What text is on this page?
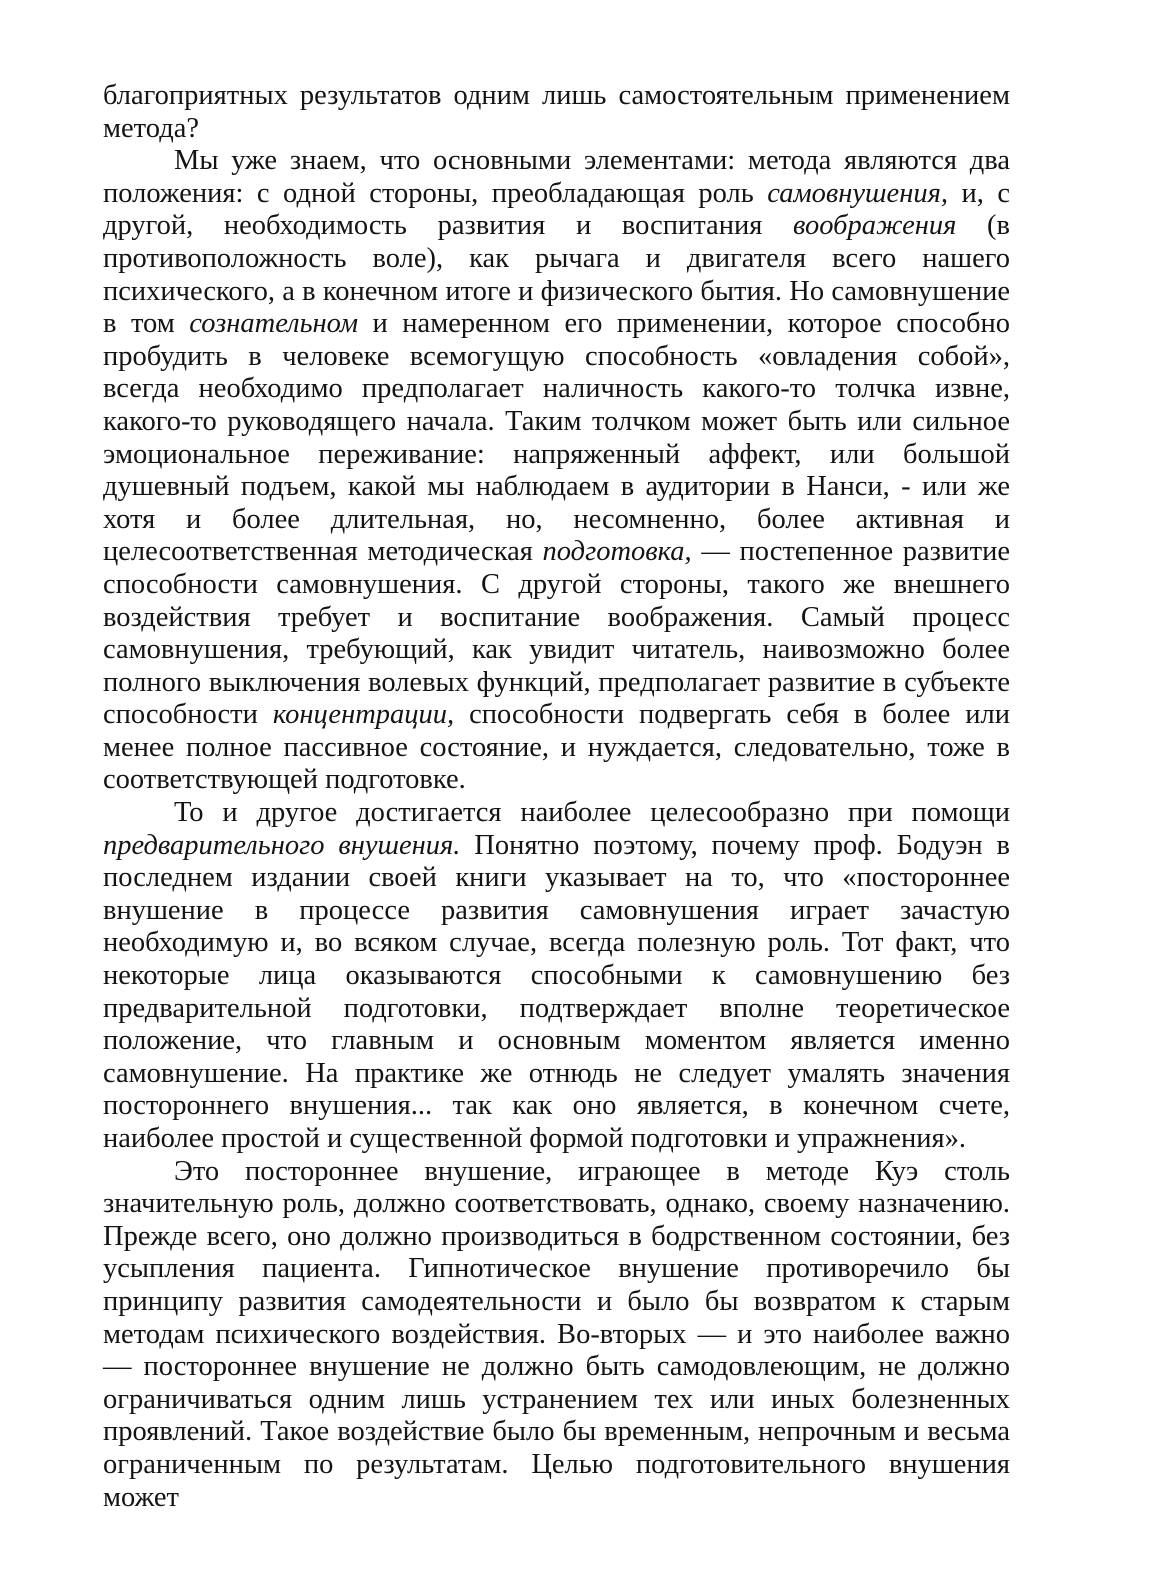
благоприятных результатов одним лишь самостоятельным применением метода?

Мы уже знаем, что основными элементами: метода являются два положения: с одной стороны, преобладающая роль самовнушения, и, с другой, необходимость развития и воспитания воображения (в противоположность воле), как рычага и двигателя всего нашего психического, а в конечном итоге и физического бытия. Но самовнушение в том сознательном и намеренном его применении, которое способно пробудить в человеке всемогущую способность «овладения собой», всегда необходимо предполагает наличность какого-то толчка извне, какого-то руководящего начала. Таким толчком может быть или сильное эмоциональное переживание: напряженный аффект, или большой душевный подъем, какой мы наблюдаем в аудитории в Нанси, - или же хотя и более длительная, но, несомненно, более активная и целесоответственная методическая подготовка, — постепенное развитие способности самовнушения. С другой стороны, такого же внешнего воздействия требует и воспитание воображения. Самый процесс самовнушения, требующий, как увидит читатель, наивозможно более полного выключения волевых функций, предполагает развитие в субъекте способности концентрации, способности подвергать себя в более или менее полное пассивное состояние, и нуждается, следовательно, тоже в соответствующей подготовке.

То и другое достигается наиболее целесообразно при помощи предварительного внушения. Понятно поэтому, почему проф. Бодуэн в последнем издании своей книги указывает на то, что «постороннее внушение в процессе развития самовнушения играет зачастую необходимую и, во всяком случае, всегда полезную роль. Тот факт, что некоторые лица оказываются способными к самовнушению без предварительной подготовки, подтверждает вполне теоретическое положение, что главным и основным моментом является именно самовнушение. На практике же отнюдь не следует умалять значения постороннего внушения... так как оно является, в конечном счете, наиболее простой и существенной формой подготовки и упражнения».

Это постороннее внушение, играющее в методе Куэ столь значительную роль, должно соответствовать, однако, своему назначению. Прежде всего, оно должно производиться в бодрственном состоянии, без усыпления пациента. Гипнотическое внушение противоречило бы принципу развития самодеятельности и было бы возвратом к старым методам психического воздействия. Во-вторых — и это наиболее важно — постороннее внушение не должно быть самодовлеющим, не должно ограничиваться одним лишь устранением тех или иных болезненных проявлений. Такое воздействие было бы временным, непрочным и весьма ограниченным по результатам. Целью подготовительного внушения может
